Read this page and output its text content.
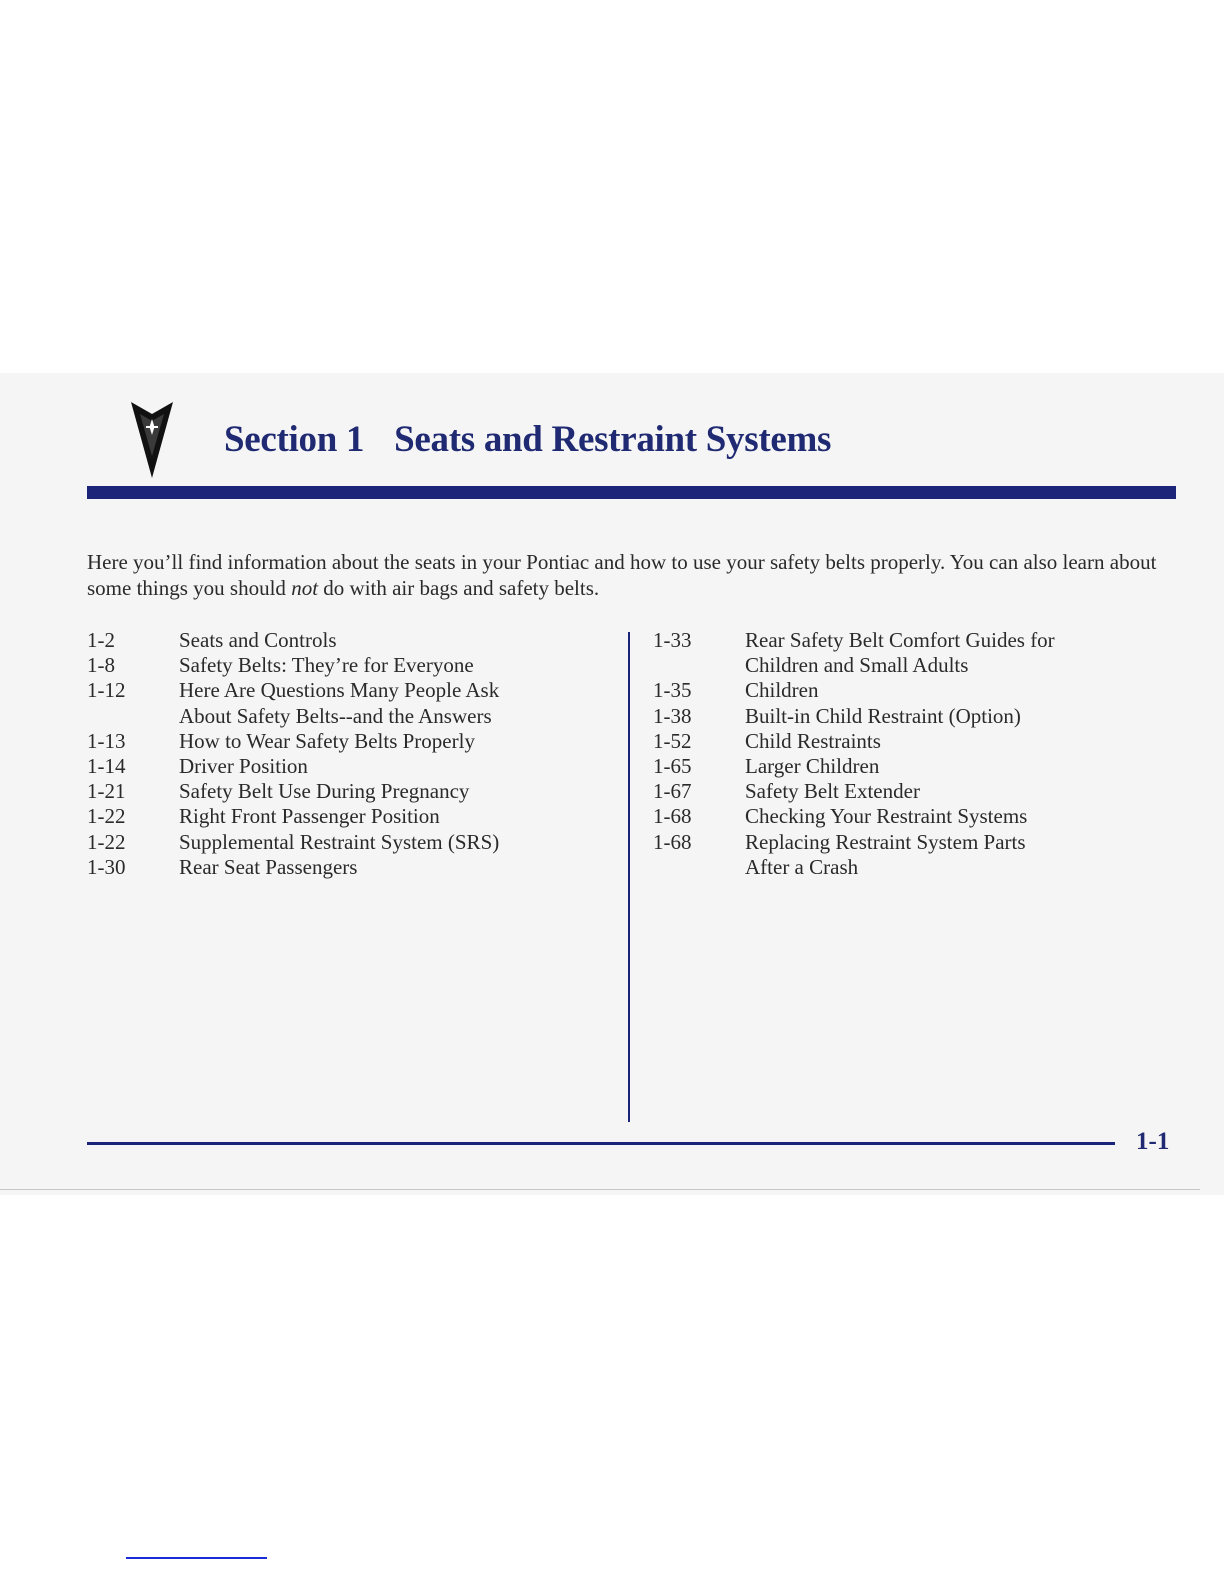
Section 1 Seats and Restraint Systems

Here you’ll find information about the seats in your Pontiac and how to use your safety belts properly. You can also learn about some things you should not do with air bags and safety belts.

1-2	Seats and Controls
1-8	Safety Belts: They’re for Everyone
1-12	Here Are Questions Many People Ask
About Safety Belts--and the Answers
1-13	How to Wear Safety Belts Properly
1-14	Driver Position
1-21	Safety Belt Use During Pregnancy
1-22	Right Front Passenger Position
1-22	Supplemental Restraint System (SRS)
1-30	Rear Seat Passengers
1-33	Rear Safety Belt Comfort Guides for
Children and Small Adults
1-35	Children
1-38	Built-in Child Restraint (Option)
1-52	Child Restraints
1-65	Larger Children
1-67	Safety Belt Extender
1-68	Checking Your Restraint Systems
1-68	Replacing Restraint System Parts
After a Crash
1-1
